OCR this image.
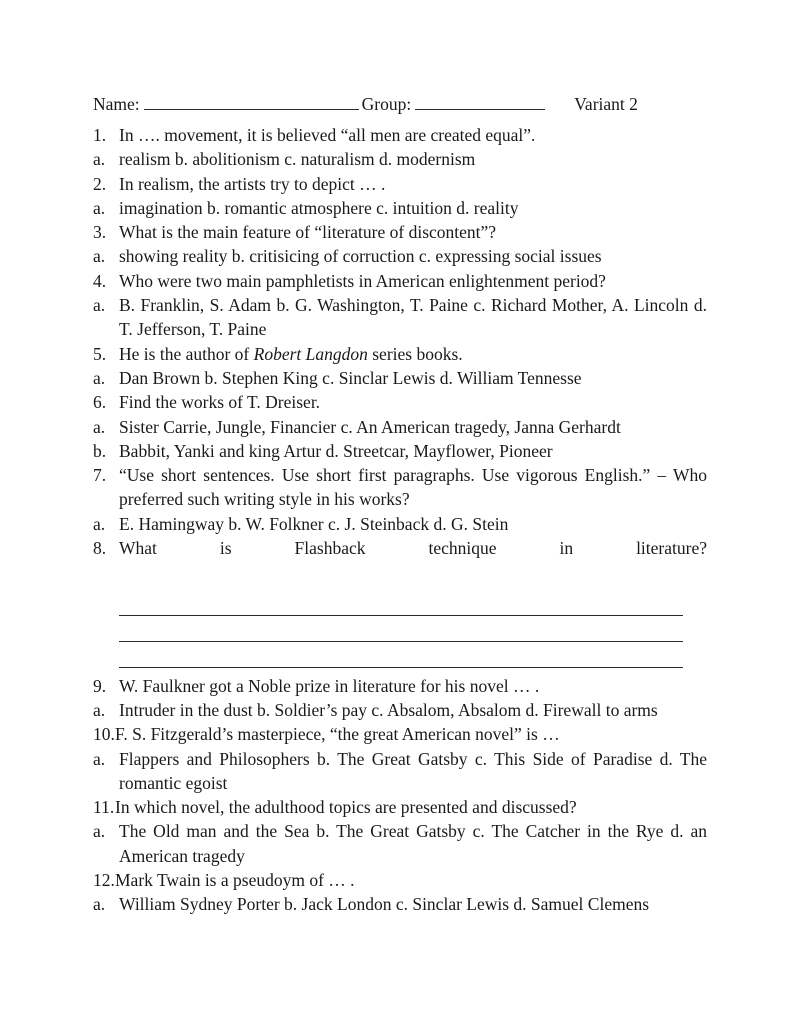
Name:	Group:	Variant 2
1. In …. movement, it is believed “all men are created equal”.
a. realism b. abolitionism c. naturalism d. modernism
2. In realism, the artists try to depict … .
a. imagination b. romantic atmosphere c. intuition d. reality
3. What is the main feature of “literature of discontent”?
a. showing reality b. critisicing of corruction c. expressing social issues
4. Who were two main pamphletists in American enlightenment period?
a. B. Franklin, S. Adam b. G. Washington, T. Paine c. Richard Mother, A. Lincoln d. T. Jefferson, T. Paine
5. He is the author of Robert Langdon series books.
a. Dan Brown b. Stephen King c. Sinclar Lewis d. William Tennesse
6. Find the works of T. Dreiser.
a. Sister Carrie, Jungle, Financier c. An American tragedy, Janna Gerhardt
b. Babbit, Yanki and king Artur d. Streetcar, Mayflower, Pioneer
7. “Use short sentences. Use short first paragraphs. Use vigorous English.” – Who preferred such writing style in his works?
a. E. Hamingway b. W. Folkner c. J. Steinback d. G. Stein
8. What is Flashback technique in literature?
9. W. Faulkner got a Noble prize in literature for his novel … .
a. Intruder in the dust b. Soldier’s pay c. Absalom, Absalom d. Firewall to arms
10. F. S. Fitzgerald’s masterpiece, “the great American novel” is …
a. Flappers and Philosophers b. The Great Gatsby c. This Side of Paradise d. The romantic egoist
11. In which novel, the adulthood topics are presented and discussed?
a. The Old man and the Sea b. The Great Gatsby c. The Catcher in the Rye d. an American tragedy
12. Mark Twain is a pseudoym of … .
a. William Sydney Porter b. Jack London c. Sinclar Lewis d. Samuel Clemens
